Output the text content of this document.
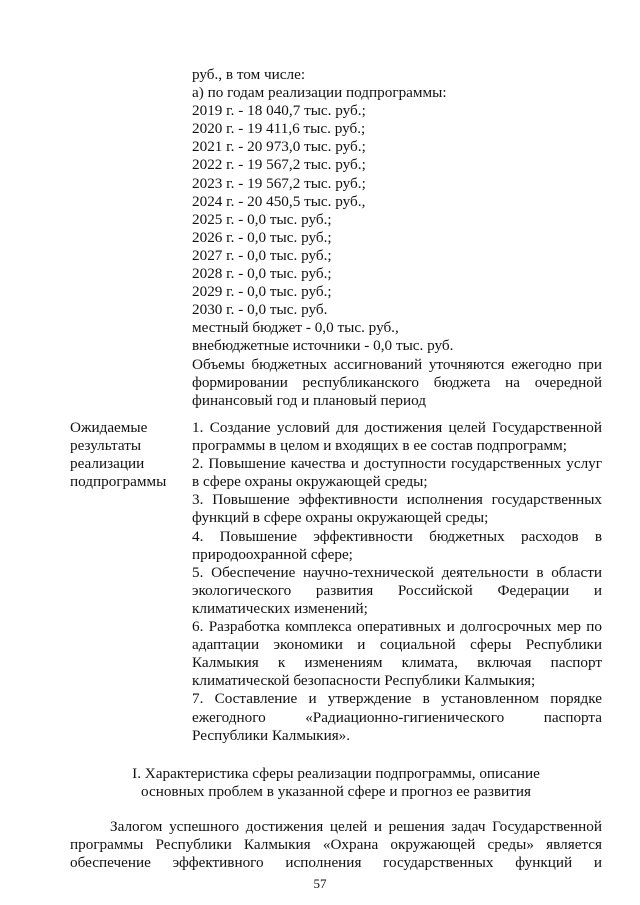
руб., в том числе:
а) по годам реализации подпрограммы:
2019 г. - 18 040,7 тыс. руб.;
2020 г. - 19 411,6 тыс. руб.;
2021 г. - 20 973,0 тыс. руб.;
2022 г. - 19 567,2 тыс. руб.;
2023 г. - 19 567,2 тыс. руб.;
2024 г. - 20 450,5 тыс. руб.,
2025 г. - 0,0 тыс. руб.;
2026 г. - 0,0 тыс. руб.;
2027 г. - 0,0 тыс. руб.;
2028 г. - 0,0 тыс. руб.;
2029 г. - 0,0 тыс. руб.;
2030 г. - 0,0 тыс. руб.
местный бюджет - 0,0 тыс. руб.,
внебюджетные источники - 0,0 тыс. руб.
Объемы бюджетных ассигнований уточняются ежегодно при формировании республиканского бюджета на очередной финансовый год и плановый период
Ожидаемые
результаты
реализации
подпрограммы
1. Создание условий для достижения целей Государственной программы в целом и входящих в ее состав подпрограмм;
2. Повышение качества и доступности государственных услуг в сфере охраны окружающей среды;
3. Повышение эффективности исполнения государственных функций в сфере охраны окружающей среды;
4. Повышение эффективности бюджетных расходов в природоохранной сфере;
5. Обеспечение научно-технической деятельности в области экологического развития Российской Федерации и климатических изменений;
6. Разработка комплекса оперативных и долгосрочных мер по адаптации экономики и социальной сферы Республики Калмыкия к изменениям климата, включая паспорт климатической безопасности Республики Калмыкия;
7. Составление и утверждение в установленном порядке ежегодного «Радиационно-гигиенического паспорта Республики Калмыкия».
I. Характеристика сферы реализации подпрограммы, описание
основных проблем в указанной сфере и прогноз ее развития
Залогом успешного достижения целей и решения задач Государственной программы Республики Калмыкия «Охрана окружающей среды» является обеспечение эффективного исполнения государственных функций и
57
